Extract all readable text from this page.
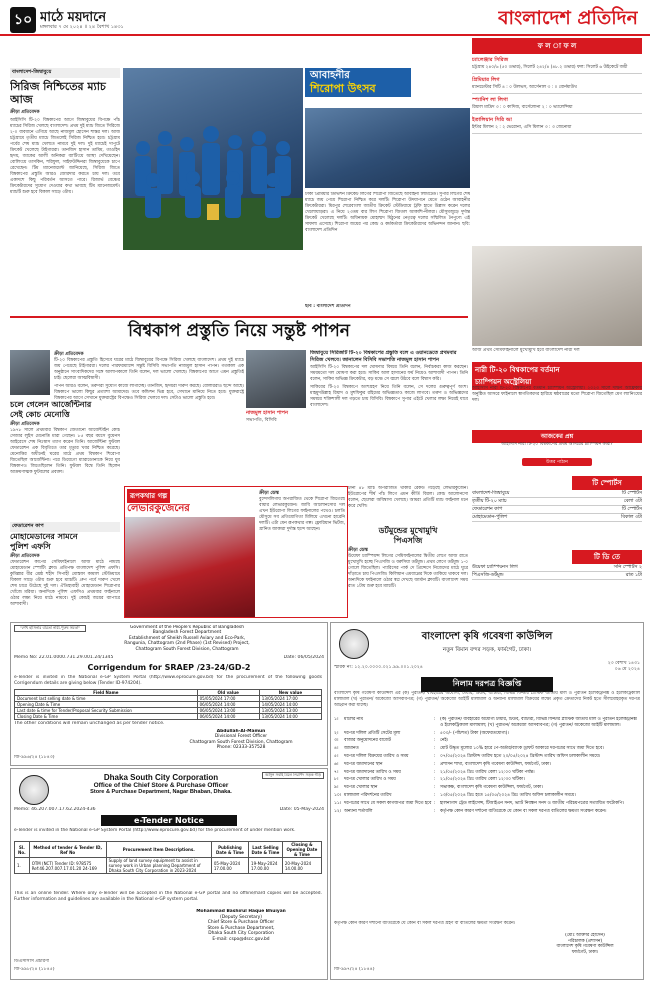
১০ মাঠে ময়দানে
মঙ্গলবার ৭ মে ২০২৪ ॥ ২৪ বৈশাখ ১৪৩১	বাংলাদেশ প্রতিদিন
বাংলাদেশ-জিম্বাবুয়ে
সিরিজ নিশ্চিতের ম্যাচ আজ
ক্রীড়া প্রতিবেদক
আইসিসি টি-২০ বিশ্বকাপের আগে জিম্বাবুয়ের বিপক্ষে পাঁচ ম্যাচের সিরিজ খেলছে বাংলাদেশ। প্রথম দুই ম্যাচ জিতে সিরিজে ২-০ ব্যবধানে এগিয়ে আছে নাজমুল হোসেন শান্তর দল। আজ চট্টগ্রামে তৃতীয় ম্যাচে জিতলেই সিরিজ নিশ্চিত হবে। চট্টগ্রাম পর্বের শেষ ম্যাচ খেলতে নামবে দুই দল। দুই ম্যাচেই দাপুটে ক্রিকেট খেলেছে টাইগাররা। তানজিদ হাসান তামিম, তাওহিদ হৃদয়, জাকের আলী অনিকরা ব্যাটিংয়ে আস্থা দেখিয়েছেন। বোলিংয়ে তাসকিন, শরিফুল, সাইফউদ্দিনরা জিম্বাবুয়েকে চাপে রেখেছেন। টিম ম্যানেজমেন্ট জানিয়েছে, সিরিজ জিতে বিশ্বকাপের প্রস্তুতি আরও জোরদার করতে চায় দল। তবে একাদশে কিছু পরিবর্তন আসতে পারে। রিজার্ভ বেঞ্চের ক্রিকেটারদের সুযোগ দেওয়ার কথা ভাবছে টিম ম্যানেজমেন্ট। ম্যাচটি শুরু হবে বিকাল সাড়ে ৩টায়।
আবাহনীর
শিরোপা উৎসব
ঢাকা প্রিমিয়ার ডিভিশন ক্রিকেট লিগের শিরোপা জিতেছে আবাহনী লিমিটেড। সুপার লিগের শেষ ম্যাচে জয় পেয়ে শিরোপা নিশ্চিত করে দলটি। শিরোপা উদযাপনে মেতে ওঠেন আবাহনীর ক্রিকেটাররা। মিরপুর শেরেবাংলা জাতীয় ক্রিকেট স্টেডিয়ামে ট্রফি হাতে উল্লাস করেন দলের খেলোয়াড়রা। এ নিয়ে ২৩তম বার লিগ শিরোপা জিতল আকাশি-নীলরা। মৌসুমজুড়ে দুর্দান্ত ক্রিকেট খেলেছে দলটি। অধিনায়ক মোহাম্মদ মিঠুনের নেতৃত্বে দলের সম্মিলিত নৈপুণ্যে এই সাফল্য এসেছে। শিরোপা জয়ের পর কোচ ও কর্মকর্তারা ক্রিকেটারদের অভিনন্দন জানান। ছবি: বাংলাদেশ প্রতিদিন
ছবি : বাংলাদেশ প্রতিদিন
ফ ল া ফ ল
চ্যালেঞ্জার সিরিজ
চট্টগ্রাম ২৪০/৬ (৫০ ওভার), সিলেট ২৪২/৪ (৪৮.২ ওভার) ফল: সিলেট ৬ উইকেটে জয়ী
প্রিমিয়ার লিগ
ম্যানচেস্টার সিটি ৪ : ০ উলভস, আর্সেনাল ৩ : ০ বোর্নমাউথ
স্প্যানিশ লা লিগা
রিয়াল মাদ্রিদ ৩ : ০ কাদিজ, বার্সেলোনা ২ : ০ ভ্যালেন্সিয়া
ইতালিয়ান সিরি আ
ইন্টার মিলান ২ : ২ ভেরোনা, এসি মিলান ৩ : ৩ জেনোয়া
আজ প্রথম সেমিফাইনালে মুখোমুখি হবে বাংলাদেশ নারী দল
নারী টি-২০ বিশ্বকাপের বর্তমান
চ্যাম্পিয়ন অস্ট্রেলিয়া
আইসিসি নারী টি-২০ বিশ্বকাপের বর্তমান চ্যাম্পিয়ন অস্ট্রেলিয়া। ২০২৩ সালে দক্ষিণ আফ্রিকায় অনুষ্ঠিত আসরে ফাইনালে স্বাগতিকদের হারিয়ে ষষ্ঠবারের মতো শিরোপা জিতেছিল মেগ ল্যানিংয়ের দল।
আজকের প্রশ্ন
আইসিসি নারী টি-২০ বিশ্বকাপের প্রথম আসরের চ্যাম্পিয়ন কারা?
উত্তর পাঠান
টি স্পোর্টস
বাংলাদেশ-জিম্বাবুয়ে	টি স্পোর্টস
তৃতীয় টি-২০ ম্যাচ	বেলা ৩টা
ফেডারেশন কাপ	টি স্পোর্টস
মোহামেডান-পুলিশ	বিকাল ৩টা
টি ডি তে
উয়েফা চ্যাম্পিয়নস লিগ	সনি স্পোর্টস ২
পিএসজি-ডর্টমুন্ড	রাত ১টা
বিশ্বকাপ প্রস্তুতি নিয়ে সন্তুষ্ট পাপন
ক্রীড়া প্রতিবেদক
টি-২০ বিশ্বকাপের প্রস্তুতি হিসেবে ঘরের মাঠে জিম্বাবুয়ের বিপক্ষে সিরিজ খেলছে বাংলাদেশ। প্রথম দুই ম্যাচে জয় পেয়েছে টাইগাররা। দলের পারফরম্যান্সে সন্তুষ্ট বিসিবি সভাপতি নাজমুল হাসান পাপন। গতকাল এক অনুষ্ঠানে সাংবাদিকদের সঙ্গে আলাপকালে তিনি বলেন, দল ভালো খেলছে। বিশ্বকাপের আগে এমন প্রস্তুতিই চাই। ছেলেরা আত্মবিশ্বাসী।
পাপন আরও বলেন, তরুণরা সুযোগ কাজে লাগাচ্ছে। তানজিদ, হৃদয়রা দারুণ করছে। বোলাররাও ছন্দে আছে। বিশ্বকাপে ভালো কিছুর প্রত্যাশা আমাদের। তবে কন্ডিশন ভিন্ন হবে, সেখানে মানিয়ে নিতে হবে। যুক্তরাষ্ট্রে বিশ্বকাপের আগে সেখানে যুক্তরাষ্ট্রের বিপক্ষেও সিরিজ খেলবে দল। সেটাও ভালো প্রস্তুতি হবে।
নাজমুল হাসান পাপন
সভাপতি, বিসিবি
জিম্বাবুয়ে সিরিজটি টি-২০ বিশ্বকাপের প্রস্তুতি বলে এ ওয়ানডেতে প্রথমবার সিরিজ খেলবে। জানালেন বিসিবি সভাপতি নাজমুল হাসান পাপন
আইসিসি টি-২০ বিশ্বকাপের দল ঘোষণার বিষয়ে তিনি বলেন, নির্বাচকরা কাজ করছেন। সময়মতো দল ঘোষণা করা হবে। সাকিব আল হাসানের ফর্ম নিয়েও আশাবাদী পাপন। তিনি বলেন, সাকিব অভিজ্ঞ ক্রিকেটার, বড় মঞ্চে সে জ্বলে উঠবে বলে বিশ্বাস করি।
সাকিবের টি-২০ বিশ্বকাপে অংশগ্রহণ নিয়ে তিনি বলেন, সে দলের গুরুত্বপূর্ণ অংশ। মাহমুদউল্লাহ রিয়াদ ও মুশফিকুর রহিমের অভিজ্ঞতাও কাজে লাগবে। তরুণ ও অভিজ্ঞদের সমন্বয়ে শক্তিশালী দল গড়তে চায় বিসিবি। বিশ্বকাপে সুপার এইটে খেলার লক্ষ্য নিয়েই যাবে বাংলাদেশ।
চলে গেলেন আর্জেন্টিনার
সেই কোচ মেনোত্তি
ক্রীড়া প্রতিবেদক
১৯৭৮ সালে প্রথমবার বিশ্বকাপ জেতানো আর্জেন্টাইন কোচ সেজার লুইস মেনোত্তি মারা গেছেন। ৮৫ বছর বয়সে বুয়েনস আইরেসে শেষ নিঃশ্বাস ত্যাগ করেন তিনি। আর্জেন্টিনা ফুটবল ফেডারেশন এক বিবৃতিতে তার মৃত্যুর খবর নিশ্চিত করেছে। মেনোত্তির অধীনেই ঘরের মাঠে প্রথম বিশ্বকাপ শিরোপা জিতেছিল আর্জেন্টিনা। পরে ডিয়েগো ম্যারাডোনাকে নিয়ে যুব বিশ্বকাপও জিতেছিলেন তিনি। ফুটবল বিশ্বে তিনি ছিলেন আক্রমণাত্মক ফুটবলের প্রবক্তা।
ফেডারেশন কাপ
মোহামেডানের সামনে
পুলিশ এফসি
ক্রীড়া প্রতিবেদক
ফেডারেশন কাপের সেমিফাইনালে আজ মাঠে নামছে মোহামেডান স্পোর্টিং ক্লাব। প্রতিপক্ষ বাংলাদেশ পুলিশ এফসি। কুমিল্লার বীর শ্রেষ্ঠ শহীদ সিপাহী মোস্তফা কামাল স্টেডিয়ামে বিকাল সাড়ে ৩টায় শুরু হবে ম্যাচটি। গ্রুপ পর্বে দারুণ খেলে শেষ চারে উঠেছে দুই দল। ঐতিহ্যবাহী মোহামেডান শিরোপার খোঁজে মরিয়া। অন্যদিকে পুলিশ এফসিও প্রথমবার ফাইনালে ওঠার লক্ষ্য নিয়ে মাঠে নামবে। দুই কোচই জয়ের ব্যাপারে আশাবাদী।
রূপকথার গল্প
লেভারকুজেনের
ক্রীড়া ডেস্ক
বুন্দেসলিগায় অপরাজিত থেকে শিরোপা জিতেছে বায়ার লেভারকুজেন। জাবি আলোনসোর দল এখন ইউরোপা লিগের ফাইনালের পথেও। চলতি মৌসুমে সব প্রতিযোগিতা মিলিয়ে এখনো হারেনি দলটি। এটা যেন রূপকথার গল্প। ফ্লোরিয়ান ভির্টজ, গ্রানিত জাকারা দুর্দান্ত ছন্দে আছেন।
টানা ৪৮ ম্যাচ অপরাজিত থাকার রেকর্ড গড়েছে লেভারকুজেন। ইউরোপের শীর্ষ পাঁচ লিগে এমন কীর্তি বিরল। কোচ আলোনসো বলেন, ছেলেরা অবিশ্বাস্য খেলছে। আমরা প্রতিটি ম্যাচ ফাইনাল মনে করে খেলি।
ডর্টমুন্ডের মুখোমুখি
পিএসজি
ক্রীড়া ডেস্ক
উয়েফা চ্যাম্পিয়ন্স লিগের সেমিফাইনালের দ্বিতীয় লেগে আজ রাতে মুখোমুখি হচ্ছে পিএসজি ও বরুসিয়া ডর্টমুন্ড। প্রথম লেগে ডর্টমুন্ড ১-০ গোলে জিতেছিল। প্যারিসের পার্ক দে প্রিন্সেসে নিজেদের মাঠে ঘুরে দাঁড়াতে চায় পিএসজি। কিলিয়ান এমবাপ্পের দিকে তাকিয়ে থাকবে দল। অন্যদিকে ফাইনালে ওঠার স্বপ্ন দেখছে জার্মান ক্লাবটি। বাংলাদেশ সময় রাত ১টায় শুরু হবে ম্যাচটি।
"শেখ হাসিনার বারতা নারী-পুরুষ সমতা"	Government of the People's Republic of Bangladesh
Bangladesh Forest Department
Establishment of Sheikh Russell Aviary and Eco-Park,
Rangunia, Chattogram (2nd Phase) (1st Revised) Project,
Chattogram South Forest Division, Chattogram
Memo No: 22.01.0000.731.29.001.24/1345	Date: 06/05/2024
Corrigendum for SRAEP /23-24/GD-2
e-Tender is invited in the National e-GP System Portal (http://www.eprocure.gov.bd) for the procurement of the following goods Corrigendum details are giving below (Tender ID-974204).
Field Name	Old value	New value
Document last selling date & time	05/05/2024 17:00	13/05/2024 17:00
Opening Date & Time	06/05/2024 14:00	14/05/2024 14:00
Last date & time for Tender/Proposal Security Submission	06/05/2024 13:00	13/05/2024 13:00
Closing Date & Time	06/05/2024 14:00	13/05/2024 14:00
The other conditions will remain unchanged as per tender notice.
Abdullah-Al-Mamun
Divisional Forest Officer
Chattogram South Forest Division, Chattogram
Phone: 02333-357528
জি-৯৯৬/২৪ (১৮৪৩)
আসুন সবাই মিলে নিরাপদ সড়ক গড়ি
Dhaka South City Corporation
Office of the Chief Store & Purchase Officer
Store & Purchase Department, Nagar Bhaban, Dhaka.
Memo: 46.207.007.17.62.2024-436	Date: 05-May-2024
e-Tender Notice
e-Tender is invited in the National e-GP System Portal (http://www.eprocure.gov.bd) for the procurement of under mention work.
Sl. No.	Method of tender & Tender ID, Ref No	Procurement Item Descriptions.	Publishing Date & Time	Last Selling Date & Time	Closing & Opening Date & Time
1.	OTM (NCT) Tender ID: 978575 Ref:46.207.007.17.01.20 24-169	Supply of land survey equipment to assist in survey work in Urban planning Department of Dhaka South City Corporation in 2023-2024	05-May-2024 17.00.00	19-May-2024 17.00.00	20-May-2024 14.00.00
This is an online tender. Where only e-Tender will be accepted in the National e-GP portal and no offline/hard copies will be accepted. Further information and guidelines are available in the National e-GP system portal.
Mohammad Bashirul Haque Bhuiyan
(Deputy Secretary)
Chief Store & Purchase Officer
Store & Purchase Department,
Dhaka South City Corporation
E-mail: cspo@dscc.gov.bd
ডিএসসিসি প্রচারণা
জি-৯৯৮/২৪ (১৮৪৫)
বাংলাদেশ কৃষি গবেষণা কাউন্সিল
নতুন বিমান বন্দর সড়ক, ফার্মগেট, ঢাকা।
স্মারক নং: ১২.২০.০০০০.০২১.৯৯.০০১.২০২৪
২৩ বৈশাখ ১৪৩১
০৬ মে ২০২৪
নিলাম দরপত্র বিজ্ঞপ্তি
বাংলাদেশ কৃষি গবেষণা কাউন্সিল এর (ক) পুরাতন/ ব্যবহারের অযোগ্য, টায়ার, টিউব, ব্যাটারী, বিভিন্ন ফিল্টার প্লাস্টিক জাতীয় মাল ও পুরাতন ইলেকট্রনিক্স ও ইলেকট্রিক্যাল মালামাল (খ) পুরাতন/ অকেজো আসবাবপত্র; (গ) পুরাতন/ অকেজো আইটি মালামাল ও অন্যান্য মালামাল বিক্রয়ের লক্ষ্যে প্রকৃত ক্রেতাদের নিকট হতে সীলমোহরকৃত দরপত্র আহ্বান করা যাচ্ছে।
১।	মালের নাম	:	(ক) পুরাতন/ ব্যবহারের অযোগ্য টায়ার, টিউব, ব্যাটারী, বিভিন্ন ফিল্টার প্লাস্টিক জাতীয় মাল ও পুরাতন ইলেকট্রনিক্স ও ইলেকট্রিক্যাল মালামাল; (খ) পুরাতন/ অকেজো আসবাবপত্র; (গ) পুরাতন/ অকেজো আইটি মালামাল।
২।	দরপত্র দলিল প্রতিটি সেটের মূল্য	:	৫০০/- (পাঁচশত) টাকা (অফেরতযোগ্য)।
৩।	বাজার অনুমোদনের বাজেট	:	নেই।
৪।	জামানত	:	মোট উদ্ধৃত মূল্যের ১০% হারে পে-অর্ডার/ব্যাংক ড্রাফট আকারে দরপত্রের সাথে জমা দিতে হবে।
৫।	দরপত্র দলিল বিক্রয়ের তারিখ ও সময়	:	০৭/০৫/২০২৪ খ্রিস্টাব্দ তারিখ হতে ২০/০৫/২০২৪ খ্রিস্টাব্দ তারিখ অফিস চলাকালীন সময়ে।
৬।	দরপত্র জমাদানের স্থান	:	প্রশাসন শাখা, বাংলাদেশ কৃষি গবেষণা কাউন্সিল, ফার্মগেট, ঢাকা।
৭।	দরপত্র জমাদানের তারিখ ও সময়	:	২১/০৫/২০২৪ খ্রিঃ তারিখ বেলা ১২:০০ ঘটিকা পর্যন্ত।
৮।	দরপত্র খোলার তারিখ ও সময়	:	২১/০৫/২০২৪ খ্রিঃ তারিখ বেলা ১২:৩০ ঘটিকা।
৯।	দরপত্র খোলার স্থান	:	সভাকক্ষ, বাংলাদেশ কৃষি গবেষণা কাউন্সিল, ফার্মগেট, ঢাকা।
১০। মালামাল পরিদর্শনের তারিখ	:	১৩/০৫/২০২৪ খ্রিঃ হতে ১৫/০৫/২০২৪ খ্রিঃ তারিখ অফিস চলাকালীন সময়ে।
১১। দরপত্রের সাথে যে সকল কাগজপত্র জমা দিতে হবে :	হালনাগাদ ট্রেড লাইসেন্স, টিআইএন সনদ, ভ্যাট নিবন্ধন সনদ ও জাতীয় পরিচয়পত্রের সত্যায়িত ফটোকপি।
১২। অন্যান্য শর্তাবলি	:	কর্তৃপক্ষ কোন কারণ দর্শানো ব্যতিরেকে যে কোন বা সকল দরপত্র বাতিলের ক্ষমতা সংরক্ষণ করেন।
কর্তৃপক্ষ কোন কারণ দর্শানো ব্যতিরেকে যে কোন বা সকল দরপত্র গ্রহণ বা বাতিলের ক্ষমতা সংরক্ষণ করেন।
(মোঃ আক্তার হোসেন)
পরিচালক (প্রশাসন)
বাংলাদেশ কৃষি গবেষণা কাউন্সিল
ফার্মগেট, ঢাকা।
জি-৯৯৭/২৪ (১৮৪৪)
